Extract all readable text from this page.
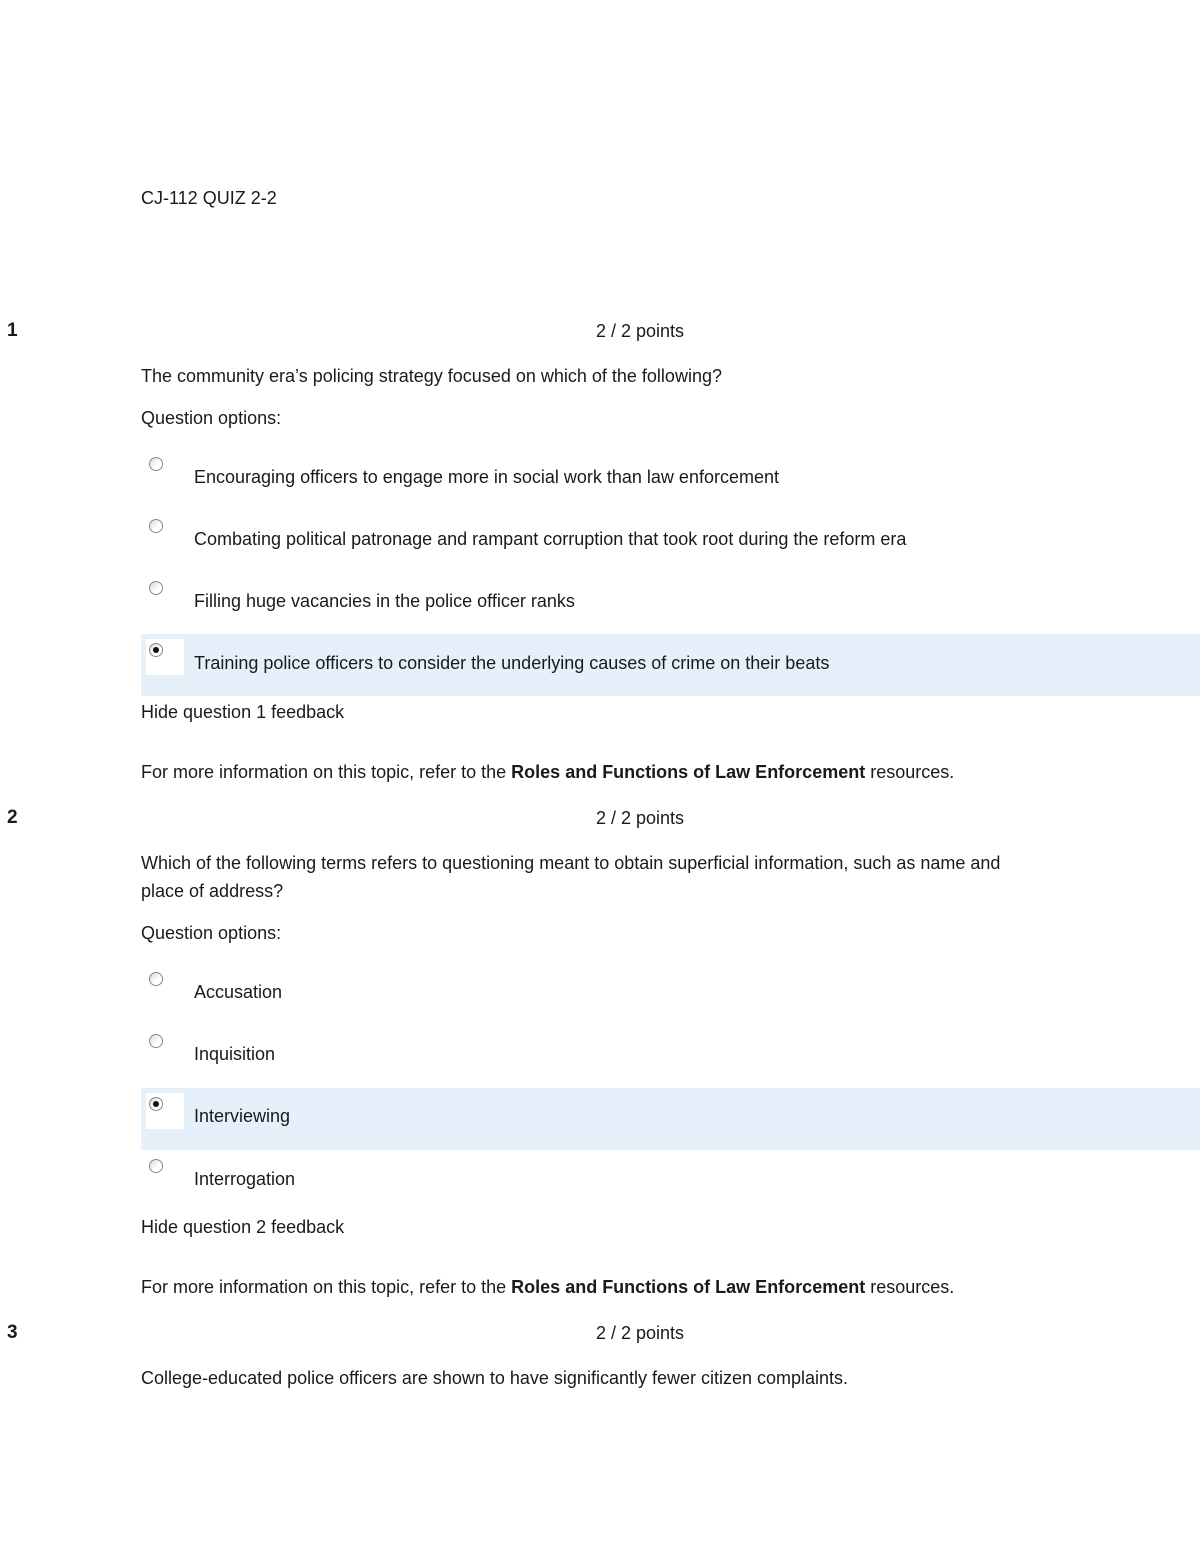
CJ-112 QUIZ 2-2
1	2 / 2 points
The community era’s policing strategy focused on which of the following?
Question options:
Encouraging officers to engage more in social work than law enforcement
Combating political patronage and rampant corruption that took root during the reform era
Filling huge vacancies in the police officer ranks
Training police officers to consider the underlying causes of crime on their beats
Hide question 1 feedback
For more information on this topic, refer to the Roles and Functions of Law Enforcement resources.
2	2 / 2 points
Which of the following terms refers to questioning meant to obtain superficial information, such as name and place of address?
Question options:
Accusation
Inquisition
Interviewing
Interrogation
Hide question 2 feedback
For more information on this topic, refer to the Roles and Functions of Law Enforcement resources.
3	2 / 2 points
College-educated police officers are shown to have significantly fewer citizen complaints.
